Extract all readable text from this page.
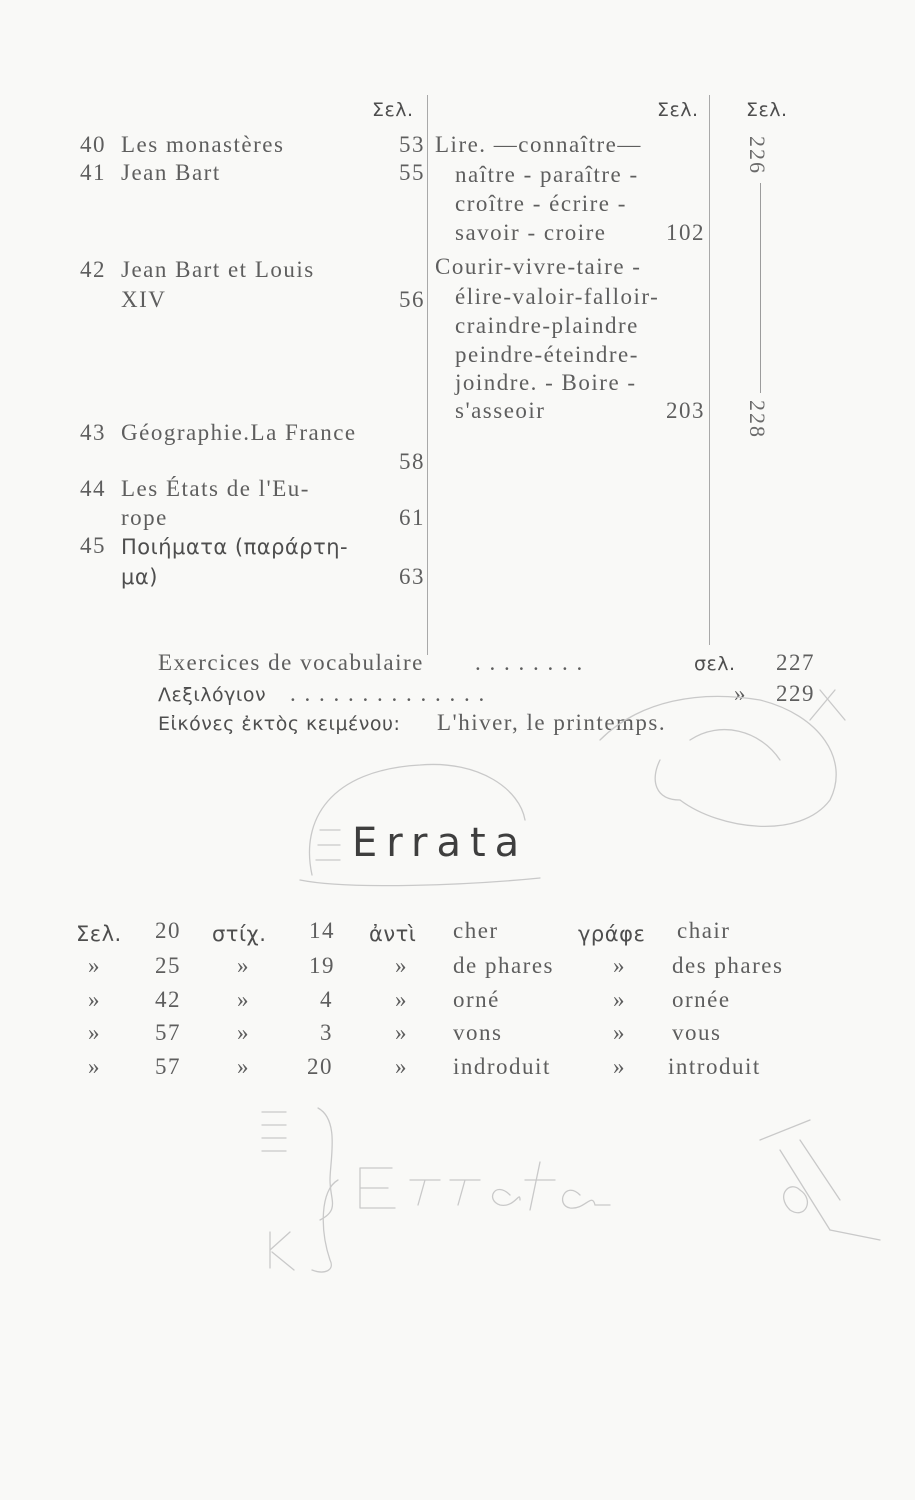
Σελ.	Σελ. Σελ.
40 Les monastères	53
41 Jean Bart	55
42 Jean Bart et Louis
XIV	56
43 Géographie.La France
58
44 Les États de l'Eu-
rope	61
45 Ποιήματα (παράρτη-
μα)	63
Lire. —connaître—
naître - paraître -
croître - écrire -
savoir - croire	102
Courir-vivre-taire -
élire-valoir-falloir-
craindre-plaindre
peindre-éteindre-
joindre. - Boire -
s'asseoir	203
226
228
Exercices de vocabulaire . . . . . . . .	σελ. 227
Λεξιλόγιον . . . . . . . . . . . . . .	» 229
Εἰκόνες ἐκτὸς κειμένου: L'hiver, le printemps.
Errata
Σελ. 20 στίχ. 14 ἀντὶ cher	γράφε chair
» 25 »	19	» de phares	» des phares
» 42 »	4	» orné	» ornée
» 57 »	3	» vons	» vous
» 57 » 20	» indroduit	» introduit
